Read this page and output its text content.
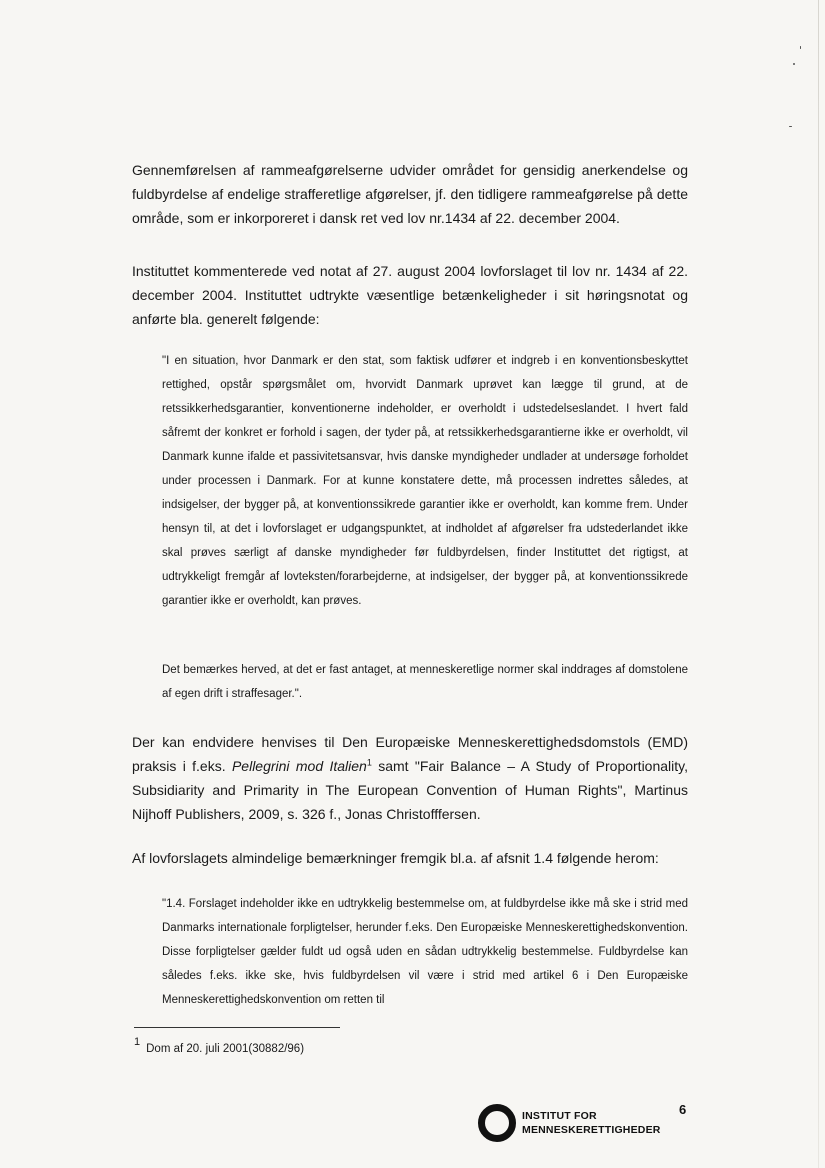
Gennemførelsen af rammeafgørelserne udvider området for gensidig anerkendelse og fuldbyrdelse af endelige strafferetlige afgørelser, jf. den tidligere rammeafgørelse på dette område, som er inkorporeret i dansk ret ved lov nr.1434 af 22. december 2004.

Instituttet kommenterede ved notat af 27. august 2004 lovforslaget til lov nr. 1434 af 22. december 2004. Instituttet udtrykte væsentlige betænkeligheder i sit høringsnotat og anførte bla. generelt følgende:

"I en situation, hvor Danmark er den stat, som faktisk udfører et indgreb i en konventionsbeskyttet rettighed, opstår spørgsmålet om, hvorvidt Danmark uprøvet kan lægge til grund, at de retssikkerhedsgarantier, konventionerne indeholder, er overholdt i udstedelseslandet. I hvert fald såfremt der konkret er forhold i sagen, der tyder på, at retssikkerhedsgarantierne ikke er overholdt, vil Danmark kunne ifalde et passivitetsansvar, hvis danske myndigheder undlader at undersøge forholdet under processen i Danmark. For at kunne konstatere dette, må processen indrettes således, at indsigelser, der bygger på, at konventionssikrede garantier ikke er overholdt, kan komme frem. Under hensyn til, at det i lovforslaget er udgangspunktet, at indholdet af afgørelser fra udstederlandet ikke skal prøves særligt af danske myndigheder før fuldbyrdelsen, finder Instituttet det rigtigst, at udtrykkeligt fremgår af lovteksten/forarbejderne, at indsigelser, der bygger på, at konventionssikrede garantier ikke er overholdt, kan prøves.

Det bemærkes herved, at det er fast antaget, at menneskeretlige normer skal inddrages af domstolene af egen drift i straffesager.".

Der kan endvidere henvises til Den Europæiske Menneskerettighedsdomstols (EMD) praksis i f.eks. Pellegrini mod Italien$^1$ samt "Fair Balance – A Study of Proportionality, Subsidiarity and Primarity in The European Convention of Human Rights", Martinus Nijhoff Publishers, 2009, s. 326 f., Jonas Christofffersen.

Af lovforslagets almindelige bemærkninger fremgik bl.a. af afsnit 1.4 følgende herom:

"1.4. Forslaget indeholder ikke en udtrykkelig bestemmelse om, at fuldbyrdelse ikke må ske i strid med Danmarks internationale forpligtelser, herunder f.eks. Den Europæiske Menneskerettighedskonvention. Disse forpligtelser gælder fuldt ud også uden en sådan udtrykkelig bestemmelse. Fuldbyrdelse kan således f.eks. ikke ske, hvis fuldbyrdelsen vil være i strid med artikel 6 i Den Europæiske Menneskerettighedskonvention om retten til

$^1$Dom af 20. juli 2001(30882/96)

INSTITUT FOR
MENNESKERETTIGHEDER
6
